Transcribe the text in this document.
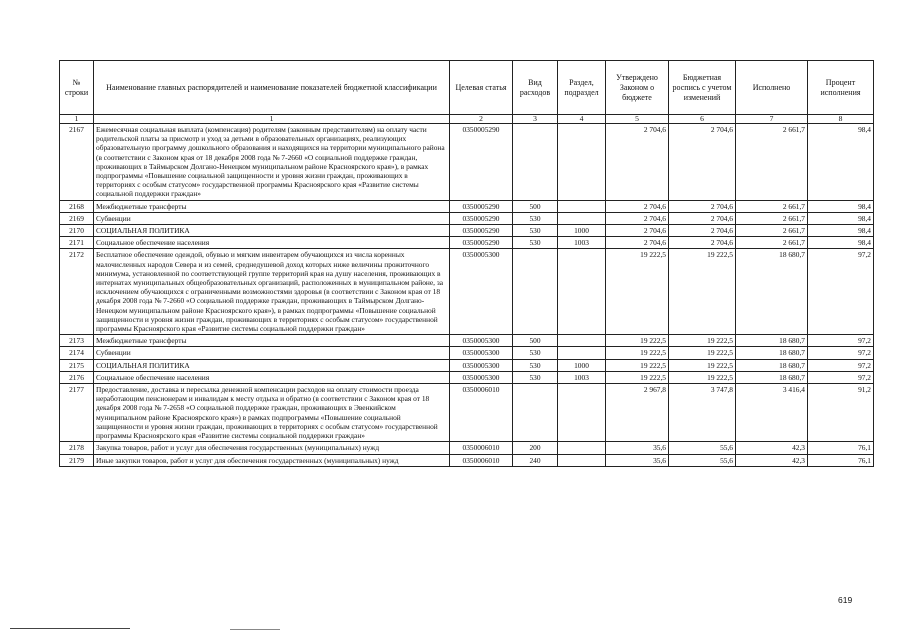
№ строки	Наименование главных распорядителей и наименование показателей бюджетной классификации	Целевая статья	Вид расходов	Раздел, подраздел	Утверждено Законом о бюджете	Бюджетная роспись с учетом изменений	Исполнено	Процент исполнения
1	1	2	3	4	5	6	7	8
2167	Ежемесячная социальная выплата (компенсация) родителям (законным представителям) на оплату части родительской платы за присмотр и уход за детьми в образовательных организациях, реализующих образовательную программу дошкольного образования и находящихся на территории муниципального района (в соответствии с Законом края от 18 декабря 2008 года № 7-2660 «О социальной поддержке граждан, проживающих в Таймырском Долгано-Ненецком муниципальном районе Красноярского края»), в рамках подпрограммы «Повышение социальной защищенности и уровня жизни граждан, проживающих в территориях с особым статусом» государственной программы Красноярского края «Развитие системы социальной поддержки граждан»	0350005290			2 704,6	2 704,6	2 661,7	98,4
2168	Межбюджетные трансферты	0350005290	500		2 704,6	2 704,6	2 661,7	98,4
2169	Субвенции	0350005290	530		2 704,6	2 704,6	2 661,7	98,4
2170	СОЦИАЛЬНАЯ ПОЛИТИКА	0350005290	530	1000	2 704,6	2 704,6	2 661,7	98,4
2171	Социальное обеспечение населения	0350005290	530	1003	2 704,6	2 704,6	2 661,7	98,4
2172	Бесплатное обеспечение одеждой, обувью и мягким инвентарем обучающихся из числа коренных малочисленных народов Севера и из семей, среднедушевой доход которых ниже величины прожиточного минимума, установленной по соответствующей группе территорий края на душу населения, проживающих в интернатах муниципальных общеобразовательных организаций, расположенных в муниципальном районе, за исключением обучающихся с ограниченными возможностями здоровья (в соответствии с Законом края от 18 декабря 2008 года № 7-2660 «О социальной поддержке граждан, проживающих в Таймырском Долгано-Ненецком муниципальном районе Красноярского края»), в рамках подпрограммы «Повышение социальной защищенности и уровня жизни граждан, проживающих в территориях с особым статусом» государственной программы Красноярского края «Развитие системы социальной поддержки граждан»	0350005300			19 222,5	19 222,5	18 680,7	97,2
2173	Межбюджетные трансферты	0350005300	500		19 222,5	19 222,5	18 680,7	97,2
2174	Субвенции	0350005300	530		19 222,5	19 222,5	18 680,7	97,2
2175	СОЦИАЛЬНАЯ ПОЛИТИКА	0350005300	530	1000	19 222,5	19 222,5	18 680,7	97,2
2176	Социальное обеспечение населения	0350005300	530	1003	19 222,5	19 222,5	18 680,7	97,2
2177	Предоставление, доставка и пересылка денежной компенсации расходов на оплату стоимости проезда неработающим пенсионерам и инвалидам к месту отдыха и обратно (в соответствии с Законом края от 18 декабря 2008 года № 7-2658 «О социальной поддержке граждан, проживающих в Эвенкийском муниципальном районе Красноярского края») в рамках подпрограммы «Повышение социальной защищенности и уровня жизни граждан, проживающих в территориях с особым статусом» государственной программы Красноярского края «Развитие системы социальной поддержки граждан»	0350006010			2 967,8	3 747,8	3 416,4	91,2
2178	Закупка товаров, работ и услуг для обеспечения государственных (муниципальных) нужд	0350006010	200		35,6	55,6	42,3	76,1
2179	Иные закупки товаров, работ и услуг для обеспечения государственных (муниципальных) нужд	0350006010	240		35,6	55,6	42,3	76,1
619
